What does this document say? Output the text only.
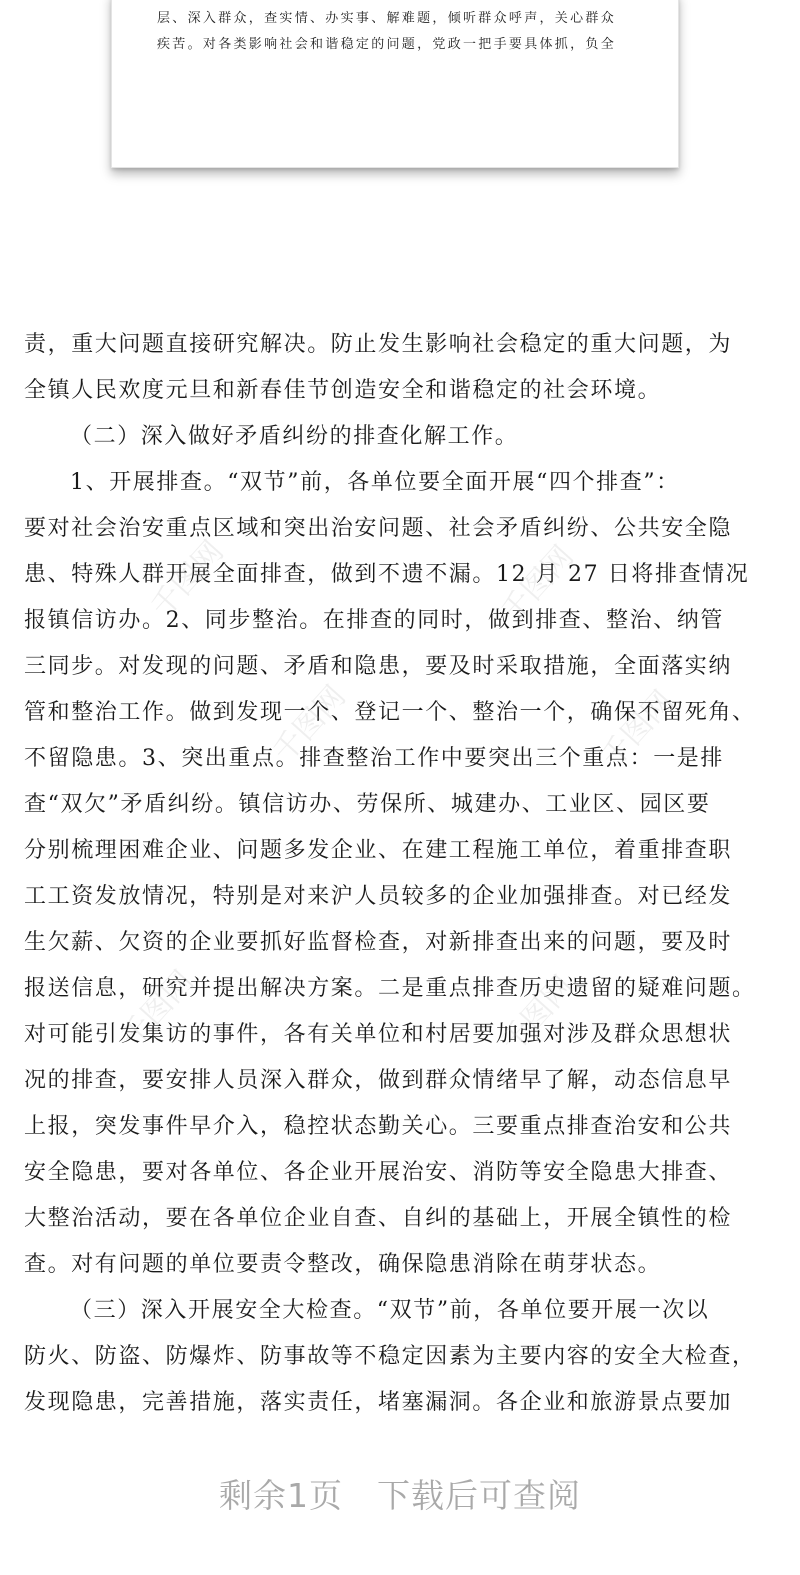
层、深入群众，查实情、办实事、解难题，倾听群众呼声，关心群众

疾苦。对各类影响社会和谐稳定的问题，党政一把手要具体抓，负全

责，重大问题直接研究解决。防止发生影响社会稳定的重大问题，为

全镇人民欢度元旦和新春佳节创造安全和谐稳定的社会环境。

（二）深入做好矛盾纠纷的排查化解工作。

1、开展排查。“双节”前，各单位要全面开展“四个排查”：

要对社会治安重点区域和突出治安问题、社会矛盾纠纷、公共安全隐

患、特殊人群开展全面排查，做到不遗不漏。12 月 27 日将排查情况

报镇信访办。2、同步整治。在排查的同时，做到排查、整治、纳管

三同步。对发现的问题、矛盾和隐患，要及时采取措施，全面落实纳

管和整治工作。做到发现一个、登记一个、整治一个，确保不留死角、

不留隐患。3、突出重点。排查整治工作中要突出三个重点：一是排

查“双欠”矛盾纠纷。镇信访办、劳保所、城建办、工业区、园区要

分别梳理困难企业、问题多发企业、在建工程施工单位，着重排查职

工工资发放情况，特别是对来沪人员较多的企业加强排查。对已经发

生欠薪、欠资的企业要抓好监督检查，对新排查出来的问题，要及时

报送信息，研究并提出解决方案。二是重点排查历史遗留的疑难问题。

对可能引发集访的事件，各有关单位和村居要加强对涉及群众思想状

况的排查，要安排人员深入群众，做到群众情绪早了解，动态信息早

上报，突发事件早介入，稳控状态勤关心。三要重点排查治安和公共

安全隐患，要对各单位、各企业开展治安、消防等安全隐患大排查、

大整治活动，要在各单位企业自查、自纠的基础上，开展全镇性的检

查。对有问题的单位要责令整改，确保隐患消除在萌芽状态。

（三）深入开展安全大检查。“双节”前，各单位要开展一次以

防火、防盗、防爆炸、防事故等不稳定因素为主要内容的安全大检查，

发现隐患，完善措施，落实责任，堵塞漏洞。各企业和旅游景点要加

千图网	千图网
千图网	千图网
千图网	千图网
剩余1页 下载后可查阅
